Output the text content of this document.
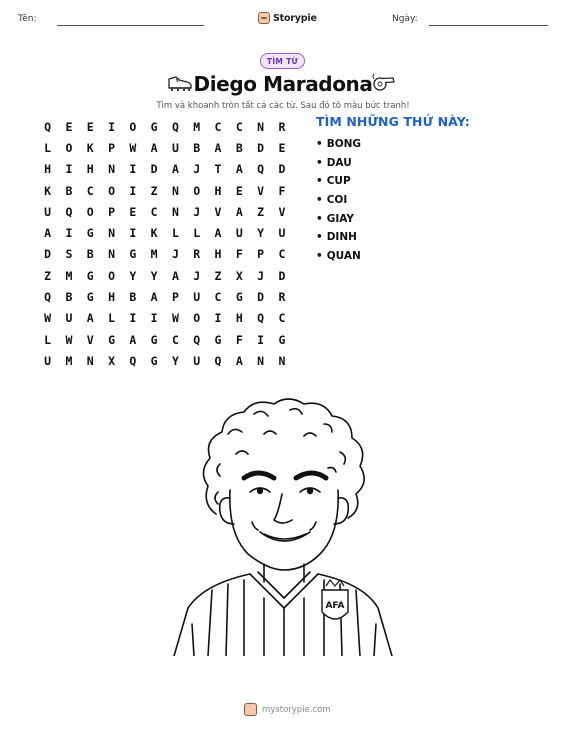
Tên:	Storypie	Ngày:
TÌM TỪ
Diego Maradona
Tìm và khoanh tròn tất cả các từ. Sau đó tô màu bức tranh!
Q	E	E	I	O	G	Q	M	C	C	N	R
L	O	K	P	W	A	U	B	A	B	D	E
H	I	H	N	I	D	A	J	T	A	Q	D
K	B	C	O	I	Z	N	O	H	E	V	F
U	Q	O	P	E	C	N	J	V	A	Z	V
A	I	G	N	I	K	L	L	A	U	Y	U
D	S	B	N	G	M	J	R	H	F	P	C
Z	M	G	O	Y	Y	A	J	Z	X	J	D
Q	B	G	H	B	A	P	U	C	G	D	R
W	U	A	L	I	I	W	O	I	H	Q	C
L	W	V	G	A	G	C	Q	G	F	I	G
U	M	N	X	Q	G	Y	U	Q	A	N	N
TÌM NHỮNG THỨ NÀY:
• BONG
• DAU
• CUP
• COI
• GIAY
• DINH
• QUAN
AFA
mystorypie.com
